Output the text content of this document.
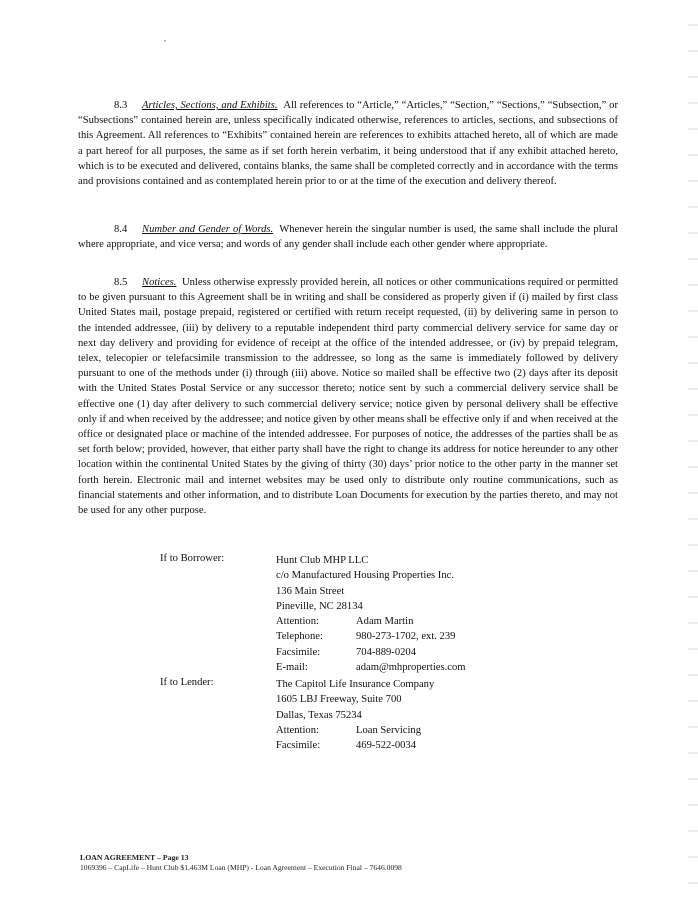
8.3 Articles, Sections, and Exhibits. All references to “Article,” “Articles,” “Section,” “Sections,” “Subsection,” or “Subsections” contained herein are, unless specifically indicated otherwise, references to articles, sections, and subsections of this Agreement. All references to “Exhibits” contained herein are references to exhibits attached hereto, all of which are made a part hereof for all purposes, the same as if set forth herein verbatim, it being understood that if any exhibit attached hereto, which is to be executed and delivered, contains blanks, the same shall be completed correctly and in accordance with the terms and provisions contained and as contemplated herein prior to or at the time of the execution and delivery thereof.

8.4 Number and Gender of Words. Whenever herein the singular number is used, the same shall include the plural where appropriate, and vice versa; and words of any gender shall include each other gender where appropriate.

8.5 Notices. Unless otherwise expressly provided herein, all notices or other communications required or permitted to be given pursuant to this Agreement shall be in writing and shall be considered as properly given if (i) mailed by first class United States mail, postage prepaid, registered or certified with return receipt requested, (ii) by delivering same in person to the intended addressee, (iii) by delivery to a reputable independent third party commercial delivery service for same day or next day delivery and providing for evidence of receipt at the office of the intended addressee, or (iv) by prepaid telegram, telex, telecopier or telefacsimile transmission to the addressee, so long as the same is immediately followed by delivery pursuant to one of the methods under (i) through (iii) above. Notice so mailed shall be effective two (2) days after its deposit with the United States Postal Service or any successor thereto; notice sent by such a commercial delivery service shall be effective one (1) day after delivery to such commercial delivery service; notice given by personal delivery shall be effective only if and when received by the addressee; and notice given by other means shall be effective only if and when received at the office or designated place or machine of the intended addressee. For purposes of notice, the addresses of the parties shall be as set forth below; provided, however, that either party shall have the right to change its address for notice hereunder to any other location within the continental United States by the giving of thirty (30) days’ prior notice to the other party in the manner set forth herein. Electronic mail and internet websites may be used only to distribute only routine communications, such as financial statements and other information, and to distribute Loan Documents for execution by the parties thereto, and may not be used for any other purpose.

If to Borrower:	Hunt Club MHP LLC
c/o Manufactured Housing Properties Inc.
136 Main Street
Pineville, NC 28134
Attention:	Adam Martin
Telephone:	980-273-1702, ext. 239
Facsimile:	704-889-0204
E-mail:	adam@mhproperties.com
If to Lender:	The Capitol Life Insurance Company
1605 LBJ Freeway, Suite 700
Dallas, Texas 75234
Attention:	Loan Servicing
Facsimile:	469-522-0034
LOAN AGREEMENT – Page 13
1069396 – CapLife – Hunt Club $1.463M Loan (MHP) - Loan Agreement – Execution Final – 7646.0098
